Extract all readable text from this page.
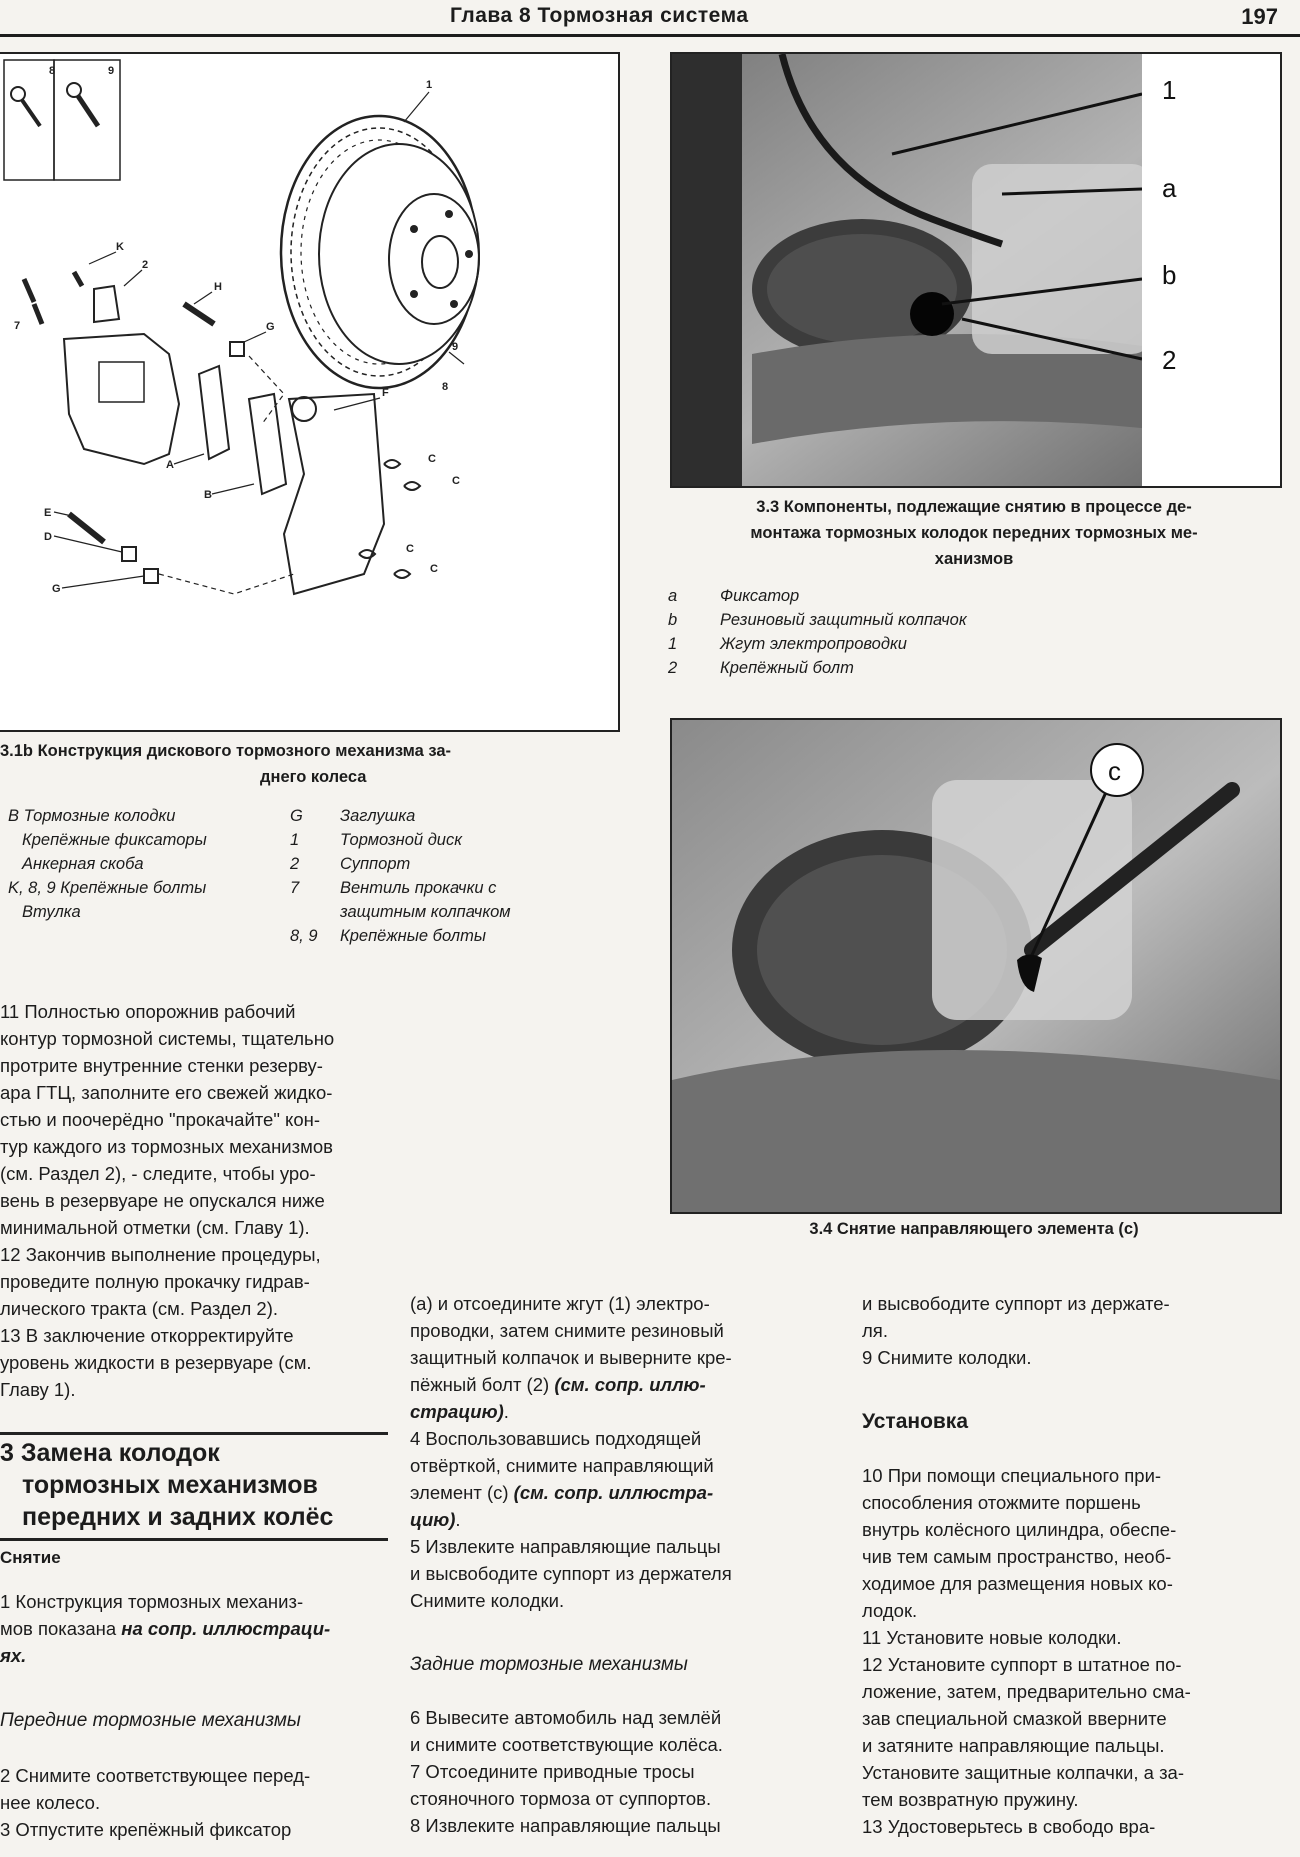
Глава 8 Тормозная система	197
8	9
1
2
K
7
H
G
F
C
C
C
C
A
B
E
D
G
9
8
3.1b Конструкция дискового тормозного механизма за-
днего колеса
B Тормозные колодки
Крепёжные фиксаторы
Анкерная скоба
K, 8, 9 Крепёжные болты
Втулка
G	Заглушка
1	Тормозной диск
2	Суппорт
7	Вентиль прокачки с
защитным колпачком
8, 9	Крепёжные болты
1
a
b
2
3.3 Компоненты, подлежащие снятию в процессе де-
монтажа тормозных колодок передних тормозных ме-
ханизмов
a	Фиксатор
b	Резиновый защитный колпачок
1	Жгут электропроводки
2	Крепёжный болт
c
3.4 Снятие направляющего элемента (с)

11 Полностью опорожнив рабочий

контур тормозной системы, тщательно

протрите внутренние стенки резерву-

ара ГТЦ, заполните его свежей жидко-

стью и поочерёдно "прокачайте" кон-

тур каждого из тормозных механизмов

(см. Раздел 2), - следите, чтобы уро-

вень в резервуаре не опускался ниже

минимальной отметки (см. Главу 1).

12 Закончив выполнение процедуры,

проведите полную прокачку гидрав-

лического тракта (см. Раздел 2).

13 В заключение откорректируйте

уровень жидкости в резервуаре (см.

Главу 1).

3 Замена колодок
тормозных механизмов
передних и задних колёс
Снятие

1 Конструкция тормозных механиз-

мов показана на сопр. иллюстраци-

ях.

Передние тормозные механизмы

2 Снимите соответствующее перед-

нее колесо.

3 Отпустите крепёжный фиксатор

(a) и отсоедините жгут (1) электро-

проводки, затем снимите резиновый

защитный колпачок и выверните кре-

пёжный болт (2) (см. сопр. иллю-

страцию).

4 Воспользовавшись подходящей

отвёрткой, снимите направляющий

элемент (с) (см. сопр. иллюстра-

цию).

5 Извлеките направляющие пальцы

и высвободите суппорт из держателя

Снимите колодки.

Задние тормозные механизмы

6 Вывесите автомобиль над землёй

и снимите соответствующие колёса.

7 Отсоедините приводные тросы

стояночного тормоза от суппортов.

8 Извлеките направляющие пальцы

и высвободите суппорт из держате-

ля.

9 Снимите колодки.

Установка

10 При помощи специального при-

способления отожмите поршень

внутрь колёсного цилиндра, обеспе-

чив тем самым пространство, необ-

ходимое для размещения новых ко-

лодок.

11 Установите новые колодки.

12 Установите суппорт в штатное по-

ложение, затем, предварительно сма-

зав специальной смазкой вверните

и затяните направляющие пальцы.

Установите защитные колпачки, а за-

тем возвратную пружину.

13 Удостоверьтесь в свободо вра-
